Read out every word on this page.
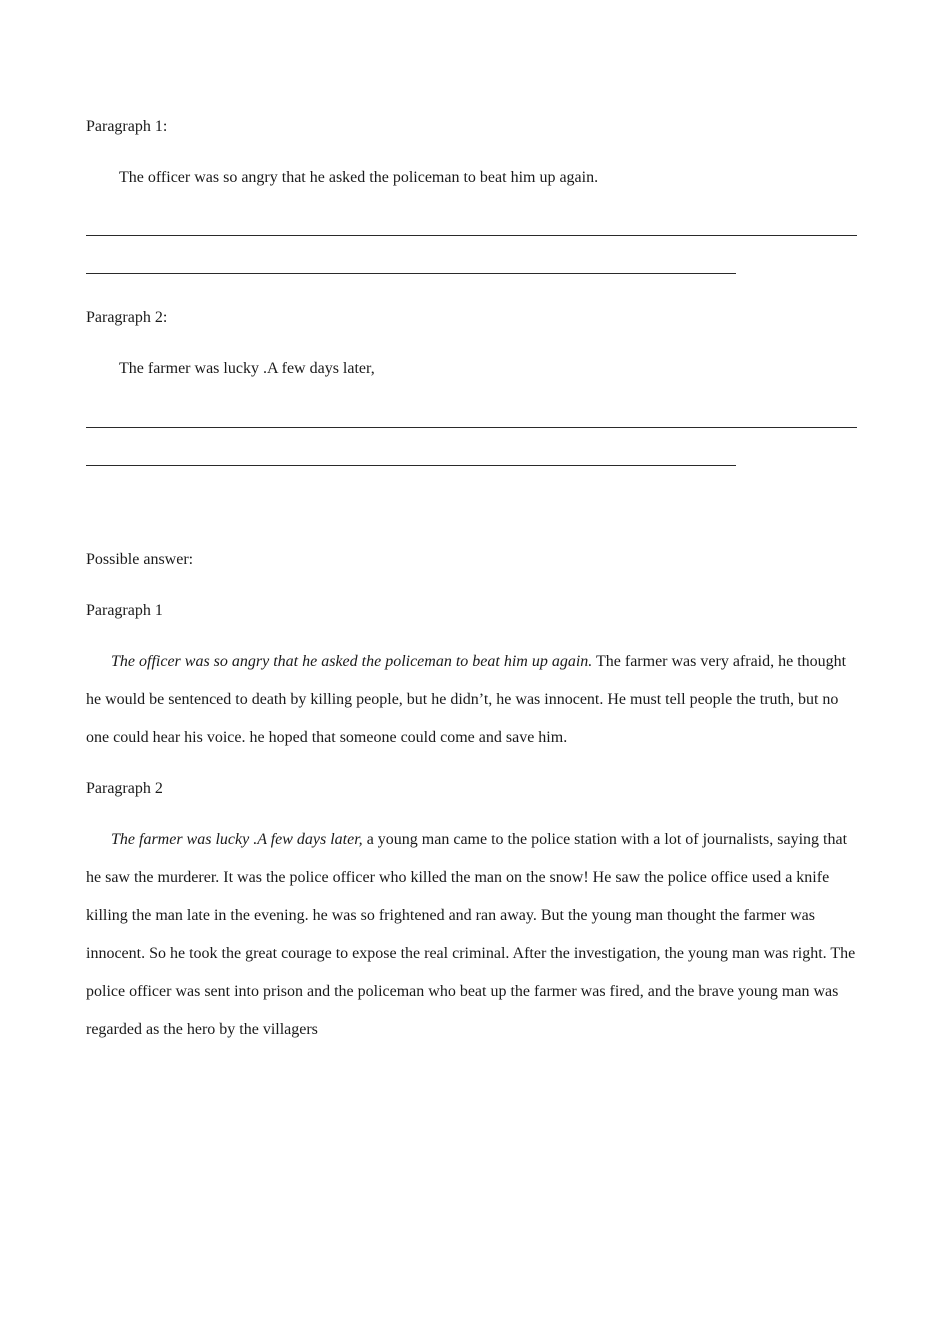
Paragraph 1:
The officer was so angry that he asked the policeman to beat him up again.
Paragraph 2:
The farmer was lucky .A few days later,
Possible answer:
Paragraph 1

The officer was so angry that he asked the policeman to beat him up again. The farmer was very afraid, he thought he would be sentenced to death by killing people, but he didn’t, he was innocent. He must tell people the truth, but no one could hear his voice. he hoped that someone could come and save him.

Paragraph 2

The farmer was lucky .A few days later, a young man came to the police station with a lot of journalists, saying that he saw the murderer. It was the police officer who killed the man on the snow! He saw the police office used a knife killing the man late in the evening. he was so frightened and ran away. But the young man thought the farmer was innocent. So he took the great courage to expose the real criminal. After the investigation, the young man was right. The police officer was sent into prison and the policeman who beat up the farmer was fired, and the brave young man was regarded as the hero by the villagers
